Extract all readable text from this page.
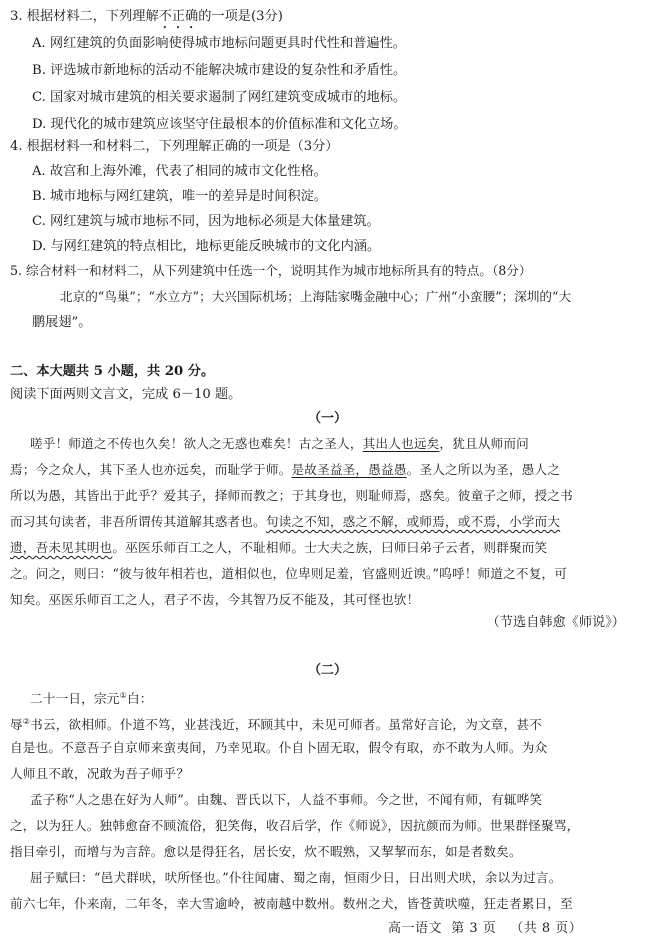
3. 根据材料二，下列理解不正确的一项是(3分)

A. 网红建筑的负面影响使得城市地标问题更具时代性和普遍性。

B. 评选城市新地标的活动不能解决城市建设的复杂性和矛盾性。

C. 国家对城市建筑的相关要求遏制了网红建筑变成城市的地标。

D. 现代化的城市建筑应该坚守住最根本的价值标准和文化立场。

4. 根据材料一和材料二，下列理解正确的一项是（3分）

A. 故宫和上海外滩，代表了相同的城市文化性格。

B. 城市地标与网红建筑，唯一的差异是时间积淀。

C. 网红建筑与城市地标不同，因为地标必须是大体量建筑。

D. 与网红建筑的特点相比，地标更能反映城市的文化内涵。

5. 综合材料一和材料二，从下列建筑中任选一个，说明其作为城市地标所具有的特点。（8分）

北京的“鸟巢”；“水立方”；大兴国际机场；上海陆家嘴金融中心；广州“小蛮腰”；深圳的“大

鹏展翅”。

二、本大题共 5 小题，共 20 分。

阅读下面两则文言文，完成 6－10 题。

（一）

嗟乎！师道之不传也久矣！欲人之无惑也难矣！古之圣人，其出人也远矣，犹且从师而问

焉；今之众人，其下圣人也亦远矣，而耻学于师。是故圣益圣，愚益愚。圣人之所以为圣，愚人之

所以为愚，其皆出于此乎？爱其子，择师而教之；于其身也，则耻师焉，惑矣。彼童子之师，授之书

而习其句读者，非吾所谓传其道解其惑者也。句读之不知，惑之不解，或师焉，或不焉，小学而大

遗，吾未见其明也。巫医乐师百工之人，不耻相师。士大夫之族，曰师曰弟子云者，则群聚而笑

之。问之，则曰：“彼与彼年相若也，道相似也，位卑则足羞，官盛则近谀。”呜呼！师道之不复，可

知矣。巫医乐师百工之人，君子不齿，今其智乃反不能及，其可怪也欤！

（节选自韩愈《师说》）

（二）

二十一日，宗元①白：

辱②书云，欲相师。仆道不笃，业甚浅近，环顾其中，未见可师者。虽常好言论，为文章，甚不

自是也。不意吾子自京师来蛮夷间，乃幸见取。仆自卜固无取，假令有取，亦不敢为人师。为众

人师且不敢，况敢为吾子师乎？

孟子称“人之患在好为人师”。由魏、晋氏以下，人益不事师。今之世，不闻有师，有辄哗笑

之，以为狂人。独韩愈奋不顾流俗，犯笑侮，收召后学，作《师说》，因抗颜而为师。世果群怪聚骂，

指目牵引，而增与为言辞。愈以是得狂名，居长安，炊不暇熟，又挈挈而东，如是者数矣。

屈子赋曰：“邑犬群吠，吠所怪也。”仆往闻庸、蜀之南，恒雨少日，日出则犬吠，余以为过言。

前六七年，仆来南，二年冬，幸大雪逾岭，被南越中数州。数州之犬，皆苍黄吠噬，狂走者累日，至

高一语文 第 3 页 （共 8 页）
